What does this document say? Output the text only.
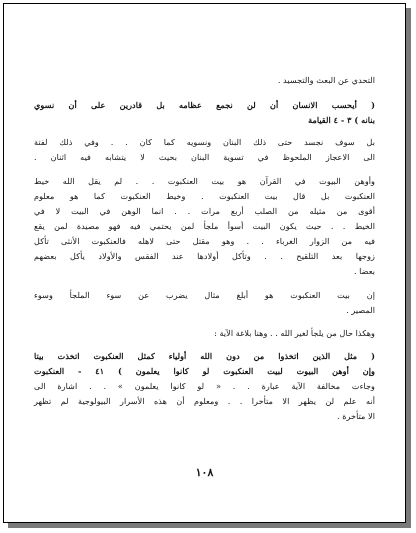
التحدي عن البعث والتجسيد .
( أيحسب الانسان أن لن نجمع عظامه بل قادرين على أن نسوي
بنانه ) ٣ - ٤ القيامة
بل سوف نجسد حتى ذلك البنان ونسويه كما كان . . وفي ذلك لفتة
الى الاعجاز الملحوظ في تسوية البنان بحيث لا يتشابه فيه اثنان .
وأوهن البيوت في القرآن هو بيت العنكبوت . . لم يقل الله خيط
العنكبوت بل قال بيت العنكبوت . وخيط العنكبوت كما هو معلوم
أقوى من مثيله من الصلب أربع مرات . . انما الوهن في البيت لا في
الخيط . . حيث يكون البيت أسوأ ملجأ لمن يحتمي فيه فهو مصيدة لمن يقع
فيه من الزوار الغرباء . . وهو مقتل حتى لاهله فالعنكبوت الأنثى تأكل
زوجها بعد التلقيح . . وتأكل أولادها عند الفقس والأولاد يأكل بعضهم
بعضا .
إن بيت العنكبوت هو أبلغ مثال يضرب عن سوء الملجأ وسوء
المصير .
وهكذا حال من يلجأ لغير الله . . وهنا بلاغة الآية :
( مثل الذين اتخذوا من دون الله أولياء كمثل العنكبوت اتخذت بيتا
وإن أوهن البيوت لبيت العنكبوت لو كانوا يعلمون ) ٤١ - العنكبوت
وجاءت مخالفة الآية عبارة . . « لو كانوا يعلمون » . . اشارة الى
أنه علم لن يظهر الا متأخرا . . ومعلوم أن هذه الأسرار البيولوجية لم تظهر
الا متأخرة .
١٠٨
